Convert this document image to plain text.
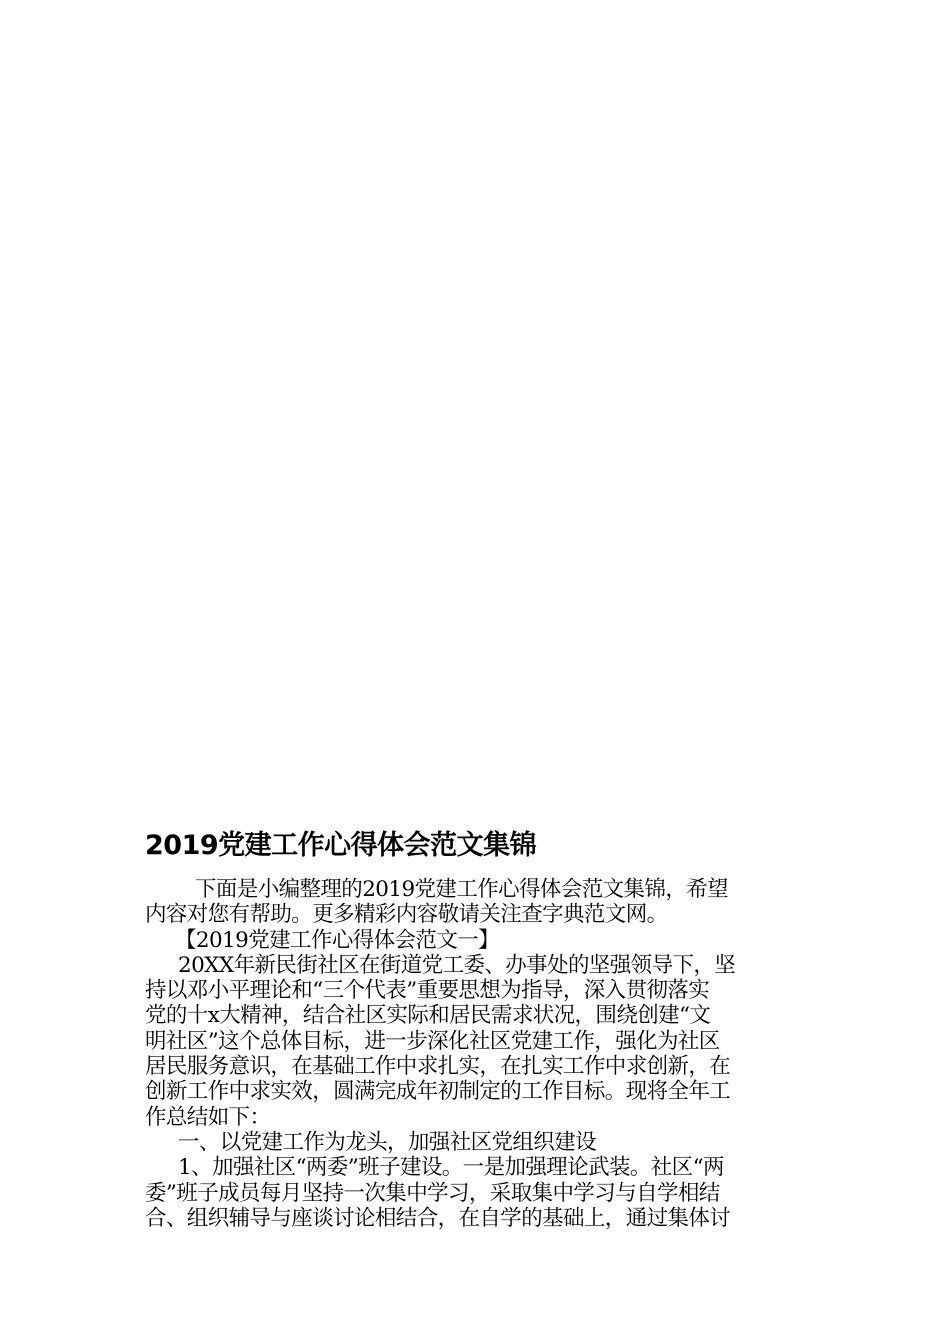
2019党建工作心得体会范文集锦
下面是小编整理的2019党建工作心得体会范文集锦，希望
内容对您有帮助。更多精彩内容敬请关注查字典范文网。
【2019党建工作心得体会范文一】
20XX年新民街社区在街道党工委、办事处的坚强领导下，坚
持以邓小平理论和“三个代表”重要思想为指导，深入贯彻落实
党的十x大精神，结合社区实际和居民需求状况，围绕创建“文
明社区”这个总体目标，进一步深化社区党建工作，强化为社区
居民服务意识，在基础工作中求扎实，在扎实工作中求创新，在
创新工作中求实效，圆满完成年初制定的工作目标。现将全年工
作总结如下：
一、以党建工作为龙头，加强社区党组织建设
1、加强社区“两委”班子建设。一是加强理论武装。社区“两
委”班子成员每月坚持一次集中学习，采取集中学习与自学相结
合、组织辅导与座谈讨论相结合，在自学的基础上，通过集体讨
